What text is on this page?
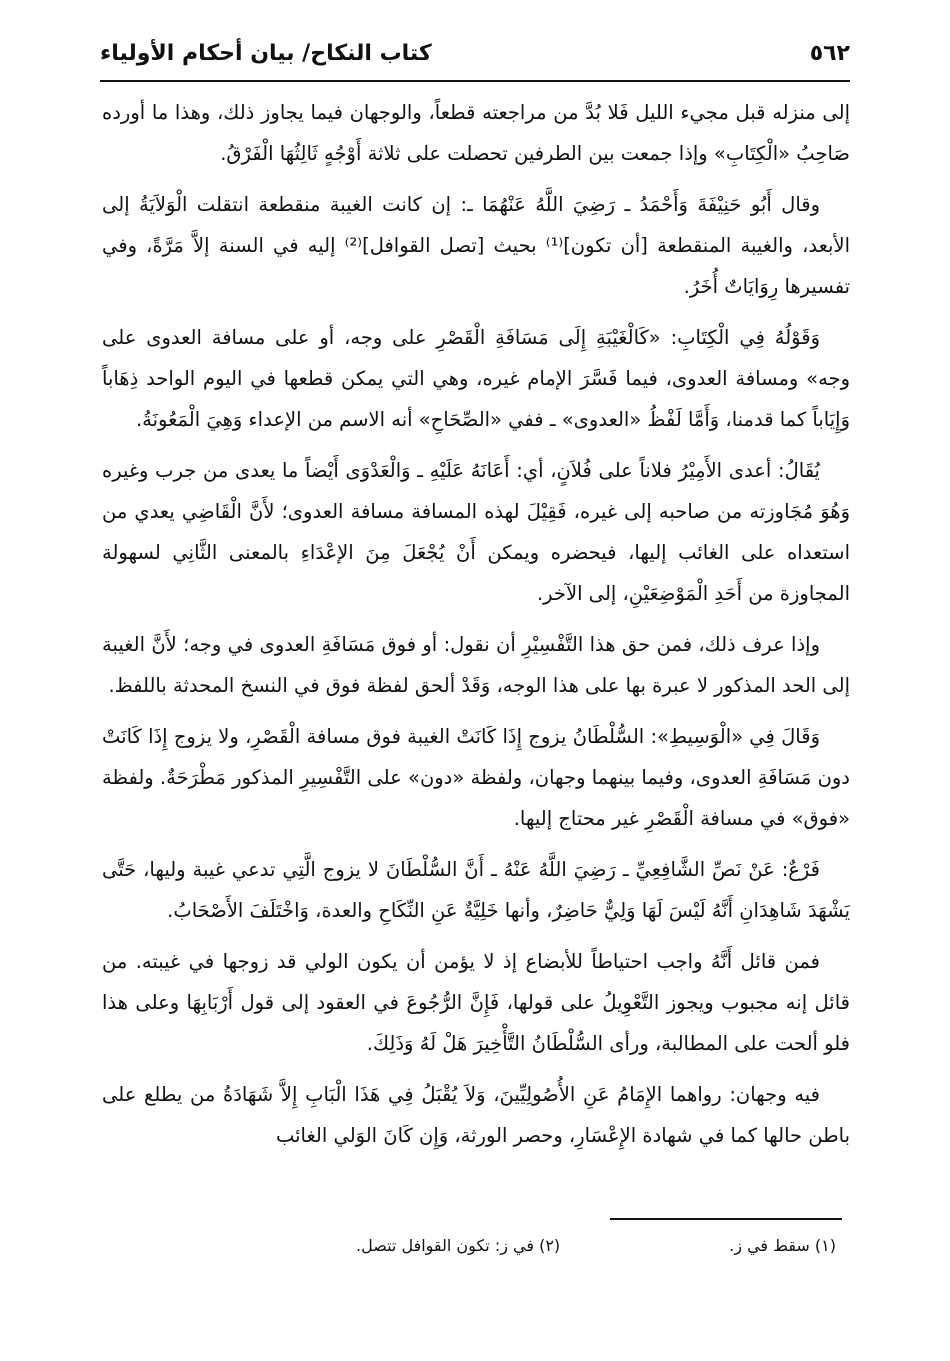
٥٦٢
كتاب النكاح/ بيان أحكام الأولياء

إلى منزله قبل مجيء الليل فَلا بُدَّ من مراجعته قطعاً، والوجهان فيما يجاوز ذلك، وهذا ما أورده صَاحِبُ «الْكِتَابِ» وإذا جمعت بين الطرفين تحصلت على ثلاثة أَوْجُهٍ ثَالِثُهَا الْفَرْقُ.

وقال أَبُو حَنِيْفَةَ وَأَحْمَدُ ـ رَضِيَ اللَّهُ عَنْهُمَا ـ: إن كانت الغيبة منقطعة انتقلت الْوَلاَيَةُ إلى الأبعد، والغيبة المنقطعة [أن تكون]⁽¹⁾ بحيث [تصل القوافل]⁽²⁾ إليه في السنة إلاَّ مَرَّةً، وفي تفسيرها رِوَايَاتٌ أُخَرُ.

وَقَوْلُهُ فِي الْكِتَابِ: «كَالْغَيْبَةِ إِلَى مَسَافَةِ الْقَصْرِ على وجه، أو على مسافة العدوى على وجه» ومسافة العدوى، فيما فَسَّرَ الإمام غيره، وهي التي يمكن قطعها في اليوم الواحد ذِهَاباً وَإِيَاباً كما قدمنا، وَأَمَّا لَفْظُ «العدوى» ـ ففي «الصِّحَاحِ» أنه الاسم من الإعداء وَهِيَ الْمَعُونَةُ.

يُقَالُ: أعدى الأَمِيْرُ فلاناً على فُلاَنٍ، أي: أَعَانَهُ عَلَيْهِ ـ وَالْعَدْوَى أَيْضاً ما يعدى من جرب وغيره وَهُوَ مُجَاوزته من صاحبه إلى غيره، فَقِيْلَ لهذه المسافة مسافة العدوى؛ لأَنَّ الْقَاضِي يعدي من استعداه على الغائب إليها، فيحضره ويمكن أَنْ يُجْعَلَ مِنَ الإعْدَاءِ بالمعنى الثَّانِي لسهولة المجاوزة من أَحَدِ الْمَوْضِعَيْنِ، إلى الآخر.

وإذا عرف ذلك، فمن حق هذا التَّفْسِيْرِ أن نقول: أو فوق مَسَافَةِ العدوى في وجه؛ لأَنَّ الغيبة إلى الحد المذكور لا عبرة بها على هذا الوجه، وَقَدْ ألحق لفظة فوق في النسخ المحدثة باللفظ.

وَقَالَ فِي «الْوَسِيطِ»: السُّلْطَانُ يزوج إِذَا كَانَتْ الغيبة فوق مسافة الْقَصْرِ، ولا يزوج إِذَا كَانَتْ دون مَسَافَةِ العدوى، وفيما بينهما وجهان، ولفظة «دون» على التَّفْسِيرِ المذكور مَطْرَحَةٌ. ولفظة «فوق» في مسافة الْقَصْرِ غير محتاج إليها.

فَرْعٌ: عَنْ نَصِّ الشَّافِعِيِّ ـ رَضِيَ اللَّهُ عَنْهُ ـ أَنَّ السُّلْطَانَ لا يزوج الَّتِي تدعي غيبة وليها، حَتَّى يَشْهَدَ شَاهِدَانِ أَنَّهُ لَيْسَ لَهَا وَلِيٌّ حَاضِرٌ، وأنها خَلِيَّةٌ عَنِ النِّكَاحِ والعدة، وَاخْتَلَفَ الأَصْحَابُ.

فمن قائل أَنَّهُ واجب احتياطاً للأبضاع إذ لا يؤمن أن يكون الولي قد زوجها في غيبته. من قائل إنه مجبوب ويجوز التَّعْوِيلُ على قولها، فَإِنَّ الرُّجُوعَ في العقود إلى قول أَرْبَابِهَا وعلى هذا فلو ألحت على المطالبة، ورأى السُّلْطَانُ التَّأْخِيرَ هَلْ لَهُ وَذَلِكَ.

فيه وجهان: رواهما الإِمَامُ عَنِ الأُصُولِيِّينَ، وَلاَ يُقْبَلُ فِي هَذَا الْبَابِ إِلاَّ شَهَادَةُ من يطلع على باطن حالها كما في شهادة الإِعْسَارِ، وحصر الورثة، وَإِن كَانَ الوَلي الغائب

(١) سقط في ز.
(٢) في ز: تكون القوافل تتصل.
